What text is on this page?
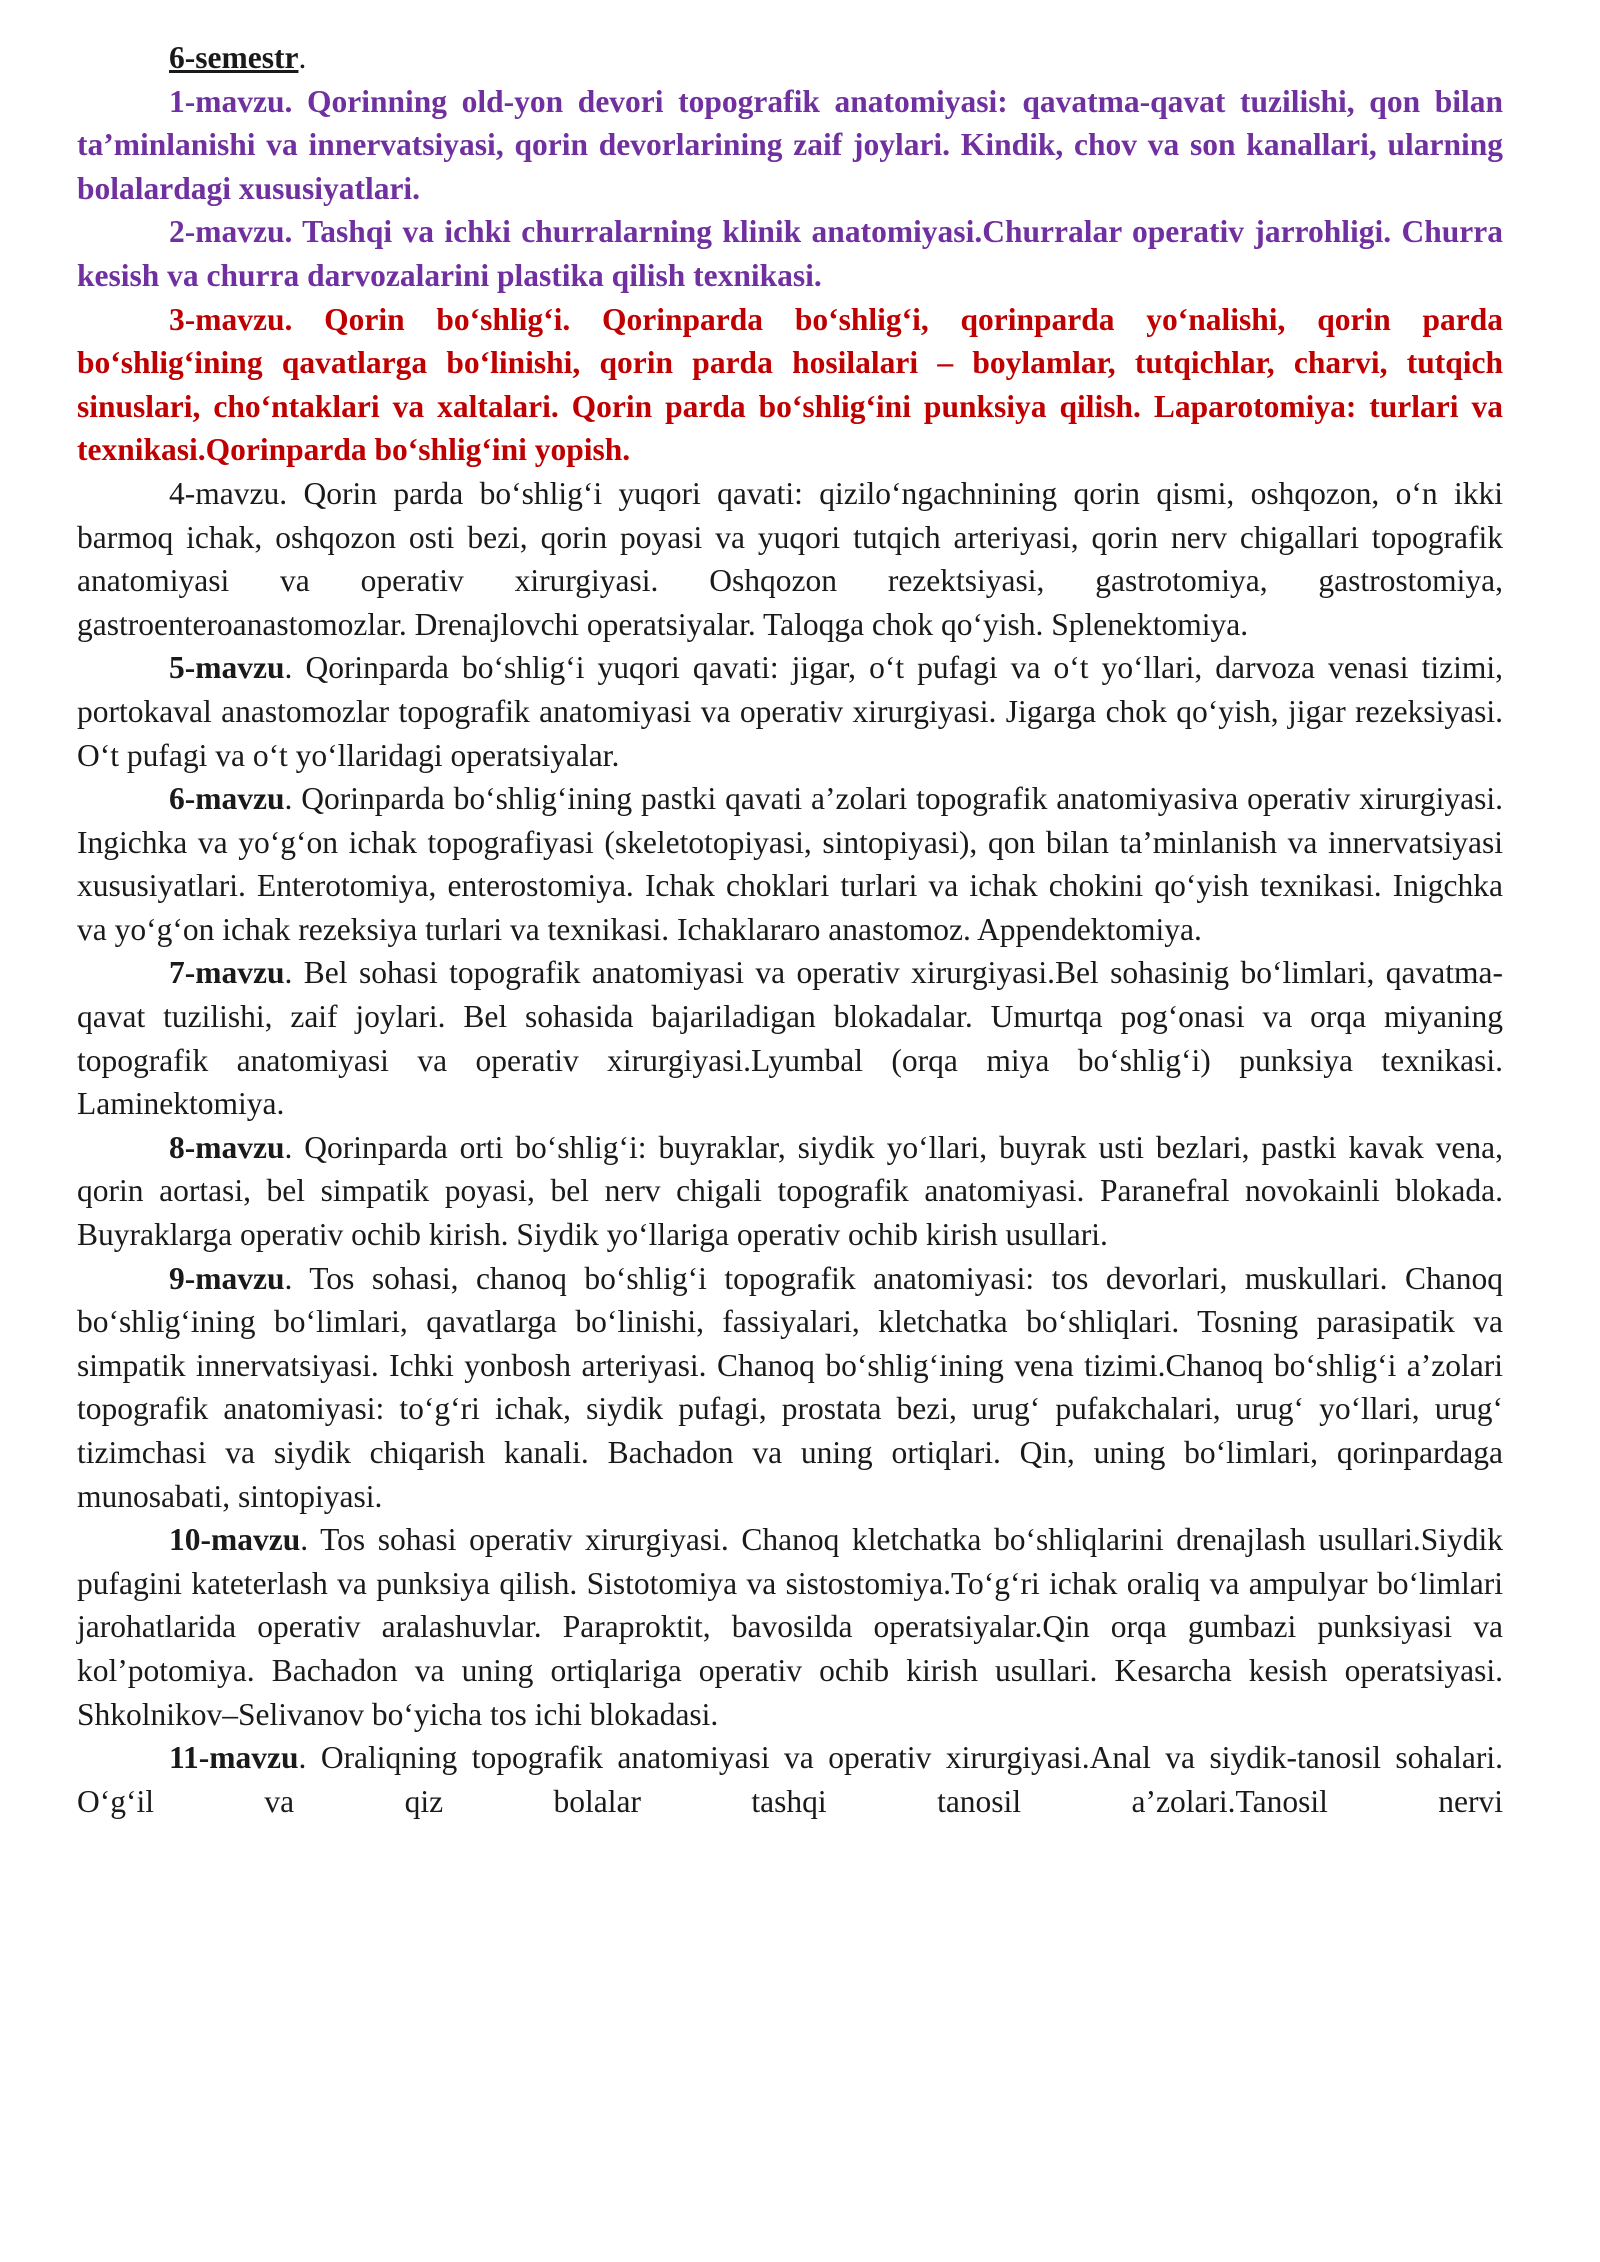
6-semestr.

1-mavzu. Qorinning old-yon devori topografik anatomiyasi: qavatma-qavat tuzilishi, qon bilan ta’minlanishi va innervatsiyasi, qorin devorlarining zaif joylari. Kindik, chov va son kanallari, ularning bolalardagi xususiyatlari.

2-mavzu. Tashqi va ichki churralarning klinik anatomiyasi.Churralar operativ jarrohligi. Churra kesish va churra darvozalarini plastika qilish texnikasi.

3-mavzu. Qorin bo‘shlig‘i. Qorinparda bo‘shlig‘i, qorinparda yo‘nalishi, qorin parda bo‘shlig‘ining qavatlarga bo‘linishi, qorin parda hosilalari – boylamlar, tutqichlar, charvi, tutqich sinuslari, cho‘ntaklari va xaltalari. Qorin parda bo‘shlig‘ini punksiya qilish. Laparotomiya: turlari va texnikasi.Qorinparda bo‘shlig‘ini yopish.

4-mavzu. Qorin parda bo‘shlig‘i yuqori qavati: qizilo‘ngachnining qorin qismi, oshqozon, o‘n ikki barmoq ichak, oshqozon osti bezi, qorin poyasi va yuqori tutqich arteriyasi, qorin nerv chigallari topografik anatomiyasi va operativ xirurgiyasi. Oshqozon rezektsiyasi, gastrotomiya, gastrostomiya, gastroenteroanastomozlar. Drenajlovchi operatsiyalar. Taloqga chok qo‘yish. Splenektomiya.

5-mavzu. Qorinparda bo‘shlig‘i yuqori qavati: jigar, o‘t pufagi va o‘t yo‘llari, darvoza venasi tizimi, portokaval anastomozlar topografik anatomiyasi va operativ xirurgiyasi. Jigarga chok qo‘yish, jigar rezeksiyasi. O‘t pufagi va o‘t yo‘llaridagi operatsiyalar.

6-mavzu. Qorinparda bo‘shlig‘ining pastki qavati a’zolari topografik anatomiyasiva operativ xirurgiyasi. Ingichka va yo‘g‘on ichak topografiyasi (skeletotopiyasi, sintopiyasi), qon bilan ta’minlanish va innervatsiyasi xususiyatlari. Enterotomiya, enterostomiya. Ichak choklari turlari va ichak chokini qo‘yish texnikasi. Inigchka va yo‘g‘on ichak rezeksiya turlari va texnikasi. Ichaklararo anastomoz. Appendektomiya.

7-mavzu. Bel sohasi topografik anatomiyasi va operativ xirurgiyasi.Bel sohasinig bo‘limlari, qavatma-qavat tuzilishi, zaif joylari. Bel sohasida bajariladigan blokadalar. Umurtqa pog‘onasi va orqa miyaning topografik anatomiyasi va operativ xirurgiyasi.Lyumbal (orqa miya bo‘shlig‘i) punksiya texnikasi. Laminektomiya.

8-mavzu. Qorinparda orti bo‘shlig‘i: buyraklar, siydik yo‘llari, buyrak usti bezlari, pastki kavak vena, qorin aortasi, bel simpatik poyasi, bel nerv chigali topografik anatomiyasi. Paranefral novokainli blokada. Buyraklarga operativ ochib kirish. Siydik yo‘llariga operativ ochib kirish usullari.

9-mavzu. Tos sohasi, chanoq bo‘shlig‘i topografik anatomiyasi: tos devorlari, muskullari. Chanoq bo‘shlig‘ining bo‘limlari, qavatlarga bo‘linishi, fassiyalari, kletchatka bo‘shliqlari. Tosning parasipatik va simpatik innervatsiyasi. Ichki yonbosh arteriyasi. Chanoq bo‘shlig‘ining vena tizimi.Chanoq bo‘shlig‘i a’zolari topografik anatomiyasi: to‘g‘ri ichak, siydik pufagi, prostata bezi, urug‘ pufakchalari, urug‘ yo‘llari, urug‘ tizimchasi va siydik chiqarish kanali. Bachadon va uning ortiqlari. Qin, uning bo‘limlari, qorinpardaga munosabati, sintopiyasi.

10-mavzu. Tos sohasi operativ xirurgiyasi. Chanoq kletchatka bo‘shliqlarini drenajlash usullari.Siydik pufagini kateterlash va punksiya qilish. Sistotomiya va sistostomiya.To‘g‘ri ichak oraliq va ampulyar bo‘limlari jarohatlarida operativ aralashuvlar. Paraproktit, bavosilda operatsiyalar.Qin orqa gumbazi punksiyasi va kol’potomiya. Bachadon va uning ortiqlariga operativ ochib kirish usullari. Kesarcha kesish operatsiyasi. Shkolnikov–Selivanov bo‘yicha tos ichi blokadasi.

11-mavzu. Oraliqning topografik anatomiyasi va operativ xirurgiyasi.Anal va siydik-tanosil sohalari. O‘g‘il va qiz bolalar tashqi tanosil a’zolari.Tanosil nervi
